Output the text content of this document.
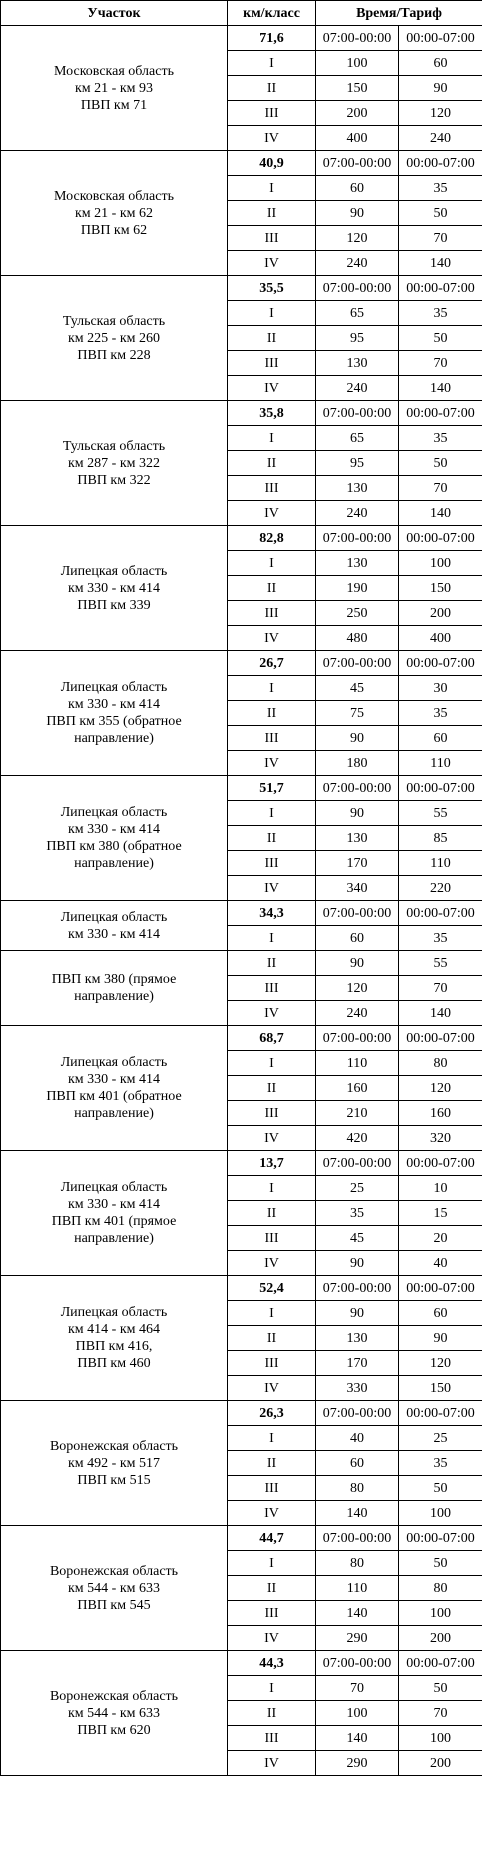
Участок	км/класс	Время/Тариф	

Московская область
км 21 - км 93
ПВП км 71	71,6	07:00-00:00	00:00-07:00
	I	100	60
	II	150	90
	III	200	120
	IV	400	240

Московская область
км 21 - км 62
ПВП км 62	40,9	07:00-00:00	00:00-07:00
	I	60	35
	II	90	50
	III	120	70
	IV	240	140

Тульская область
км 225 - км 260
ПВП км 228	35,5	07:00-00:00	00:00-07:00
	I	65	35
	II	95	50
	III	130	70
	IV	240	140

Тульская область
км 287 - км 322
ПВП км 322	35,8	07:00-00:00	00:00-07:00
	I	65	35
	II	95	50
	III	130	70
	IV	240	140

Липецкая область
км 330 - км 414
ПВП км 339	82,8	07:00-00:00	00:00-07:00
	I	130	100
	II	190	150
	III	250	200
	IV	480	400

Липецкая область
км 330 - км 414
ПВП км 355 (обратное
направление)	26,7	07:00-00:00	00:00-07:00
	I	45	30
	II	75	35
	III	90	60
	IV	180	110

Липецкая область
км 330 - км 414
ПВП км 380 (обратное
направление)	51,7	07:00-00:00	00:00-07:00
	I	90	55
	II	130	85
	III	170	110
	IV	340	220

Липецкая область
км 330 - км 414	34,3	07:00-00:00	00:00-07:00
	I	60	35

ПВП км 380 (прямое
направление)	II	90	55
	III	120	70
	IV	240	140

Липецкая область
км 330 - км 414
ПВП км 401 (обратное
направление)	68,7	07:00-00:00	00:00-07:00
	I	110	80
	II	160	120
	III	210	160
	IV	420	320

Липецкая область
км 330 - км 414
ПВП км 401 (прямое
направление)	13,7	07:00-00:00	00:00-07:00
	I	25	10
	II	35	15
	III	45	20
	IV	90	40

Липецкая область
км 414 - км 464
ПВП км 416,
ПВП км 460	52,4	07:00-00:00	00:00-07:00
	I	90	60
	II	130	90
	III	170	120
	IV	330	150

Воронежская область
км 492 - км 517
ПВП км 515	26,3	07:00-00:00	00:00-07:00
	I	40	25
	II	60	35
	III	80	50
	IV	140	100

Воронежская область
км 544 - км 633
ПВП км 545	44,7	07:00-00:00	00:00-07:00
	I	80	50
	II	110	80
	III	140	100
	IV	290	200

Воронежская область
км 544 - км 633
ПВП км 620	44,3	07:00-00:00	00:00-07:00
	I	70	50
	II	100	70
	III	140	100
	IV	290	200
